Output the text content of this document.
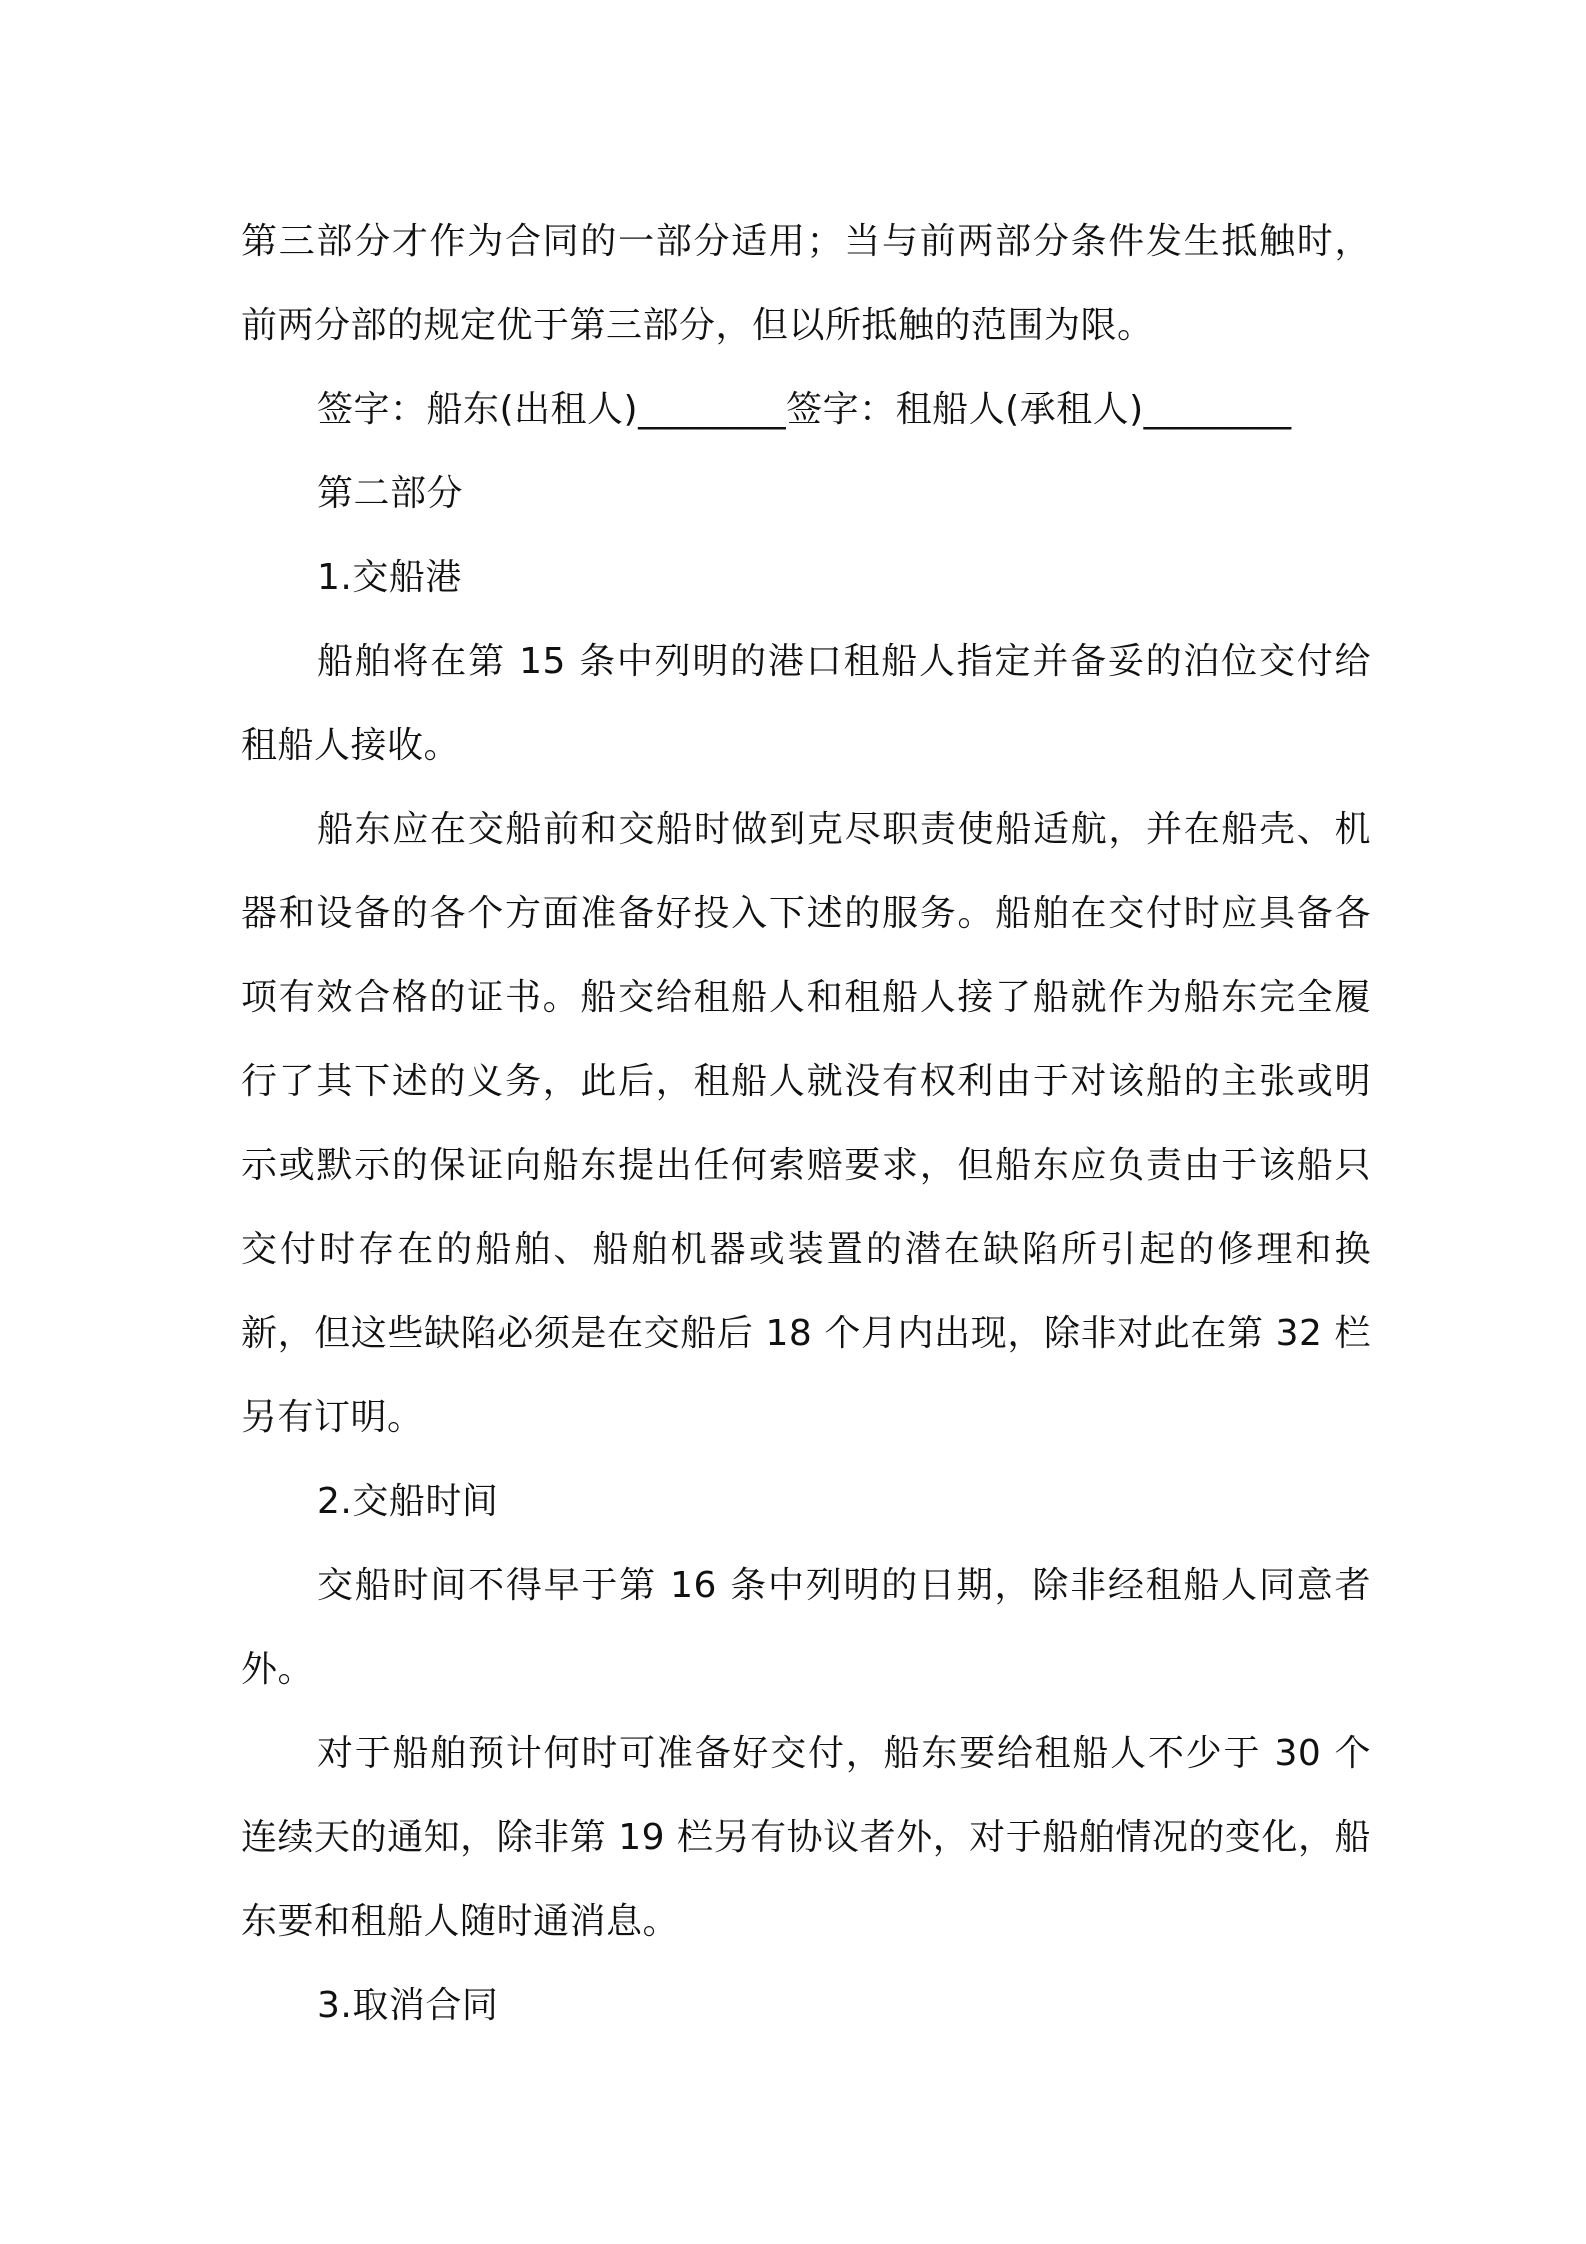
第三部分才作为合同的一部分适用；当与前两部分条件发生抵触时，前两分部的规定优于第三部分，但以所抵触的范围为限。

签字：船东(出租人)________签字：租船人(承租人)________

第二部分

1.交船港

船舶将在第 15 条中列明的港口租船人指定并备妥的泊位交付给租船人接收。

船东应在交船前和交船时做到克尽职责使船适航，并在船壳、机器和设备的各个方面准备好投入下述的服务。船舶在交付时应具备各项有效合格的证书。船交给租船人和租船人接了船就作为船东完全履行了其下述的义务，此后，租船人就没有权利由于对该船的主张或明示或默示的保证向船东提出任何索赔要求，但船东应负责由于该船只交付时存在的船舶、船舶机器或装置的潜在缺陷所引起的修理和换新，但这些缺陷必须是在交船后 18 个月内出现，除非对此在第 32 栏另有订明。

2.交船时间

交船时间不得早于第 16 条中列明的日期，除非经租船人同意者外。

对于船舶预计何时可准备好交付，船东要给租船人不少于 30 个连续天的通知，除非第 19 栏另有协议者外，对于船舶情况的变化，船东要和租船人随时通消息。

3.取消合同
